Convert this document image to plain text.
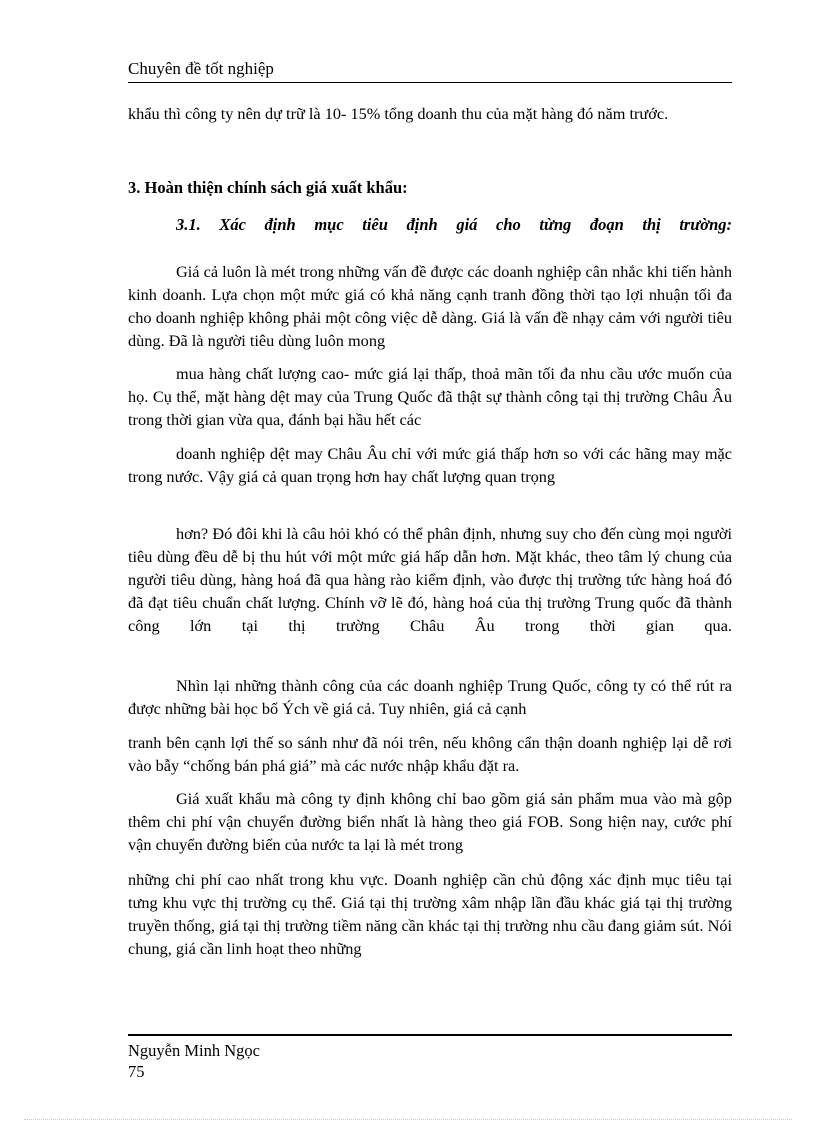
Chuyên đề tốt nghiệp

khẩu thì công ty nên dự trữ là 10- 15% tổng doanh thu của mặt hàng đó năm trước.

3. Hoàn thiện chính sách giá xuất khẩu:
3.1. Xác định mục tiêu định giá cho từng đoạn thị trường:

Giá cả luôn là mét trong những vấn đề được các doanh nghiệp cân nhắc khi tiến hành kinh doanh. Lựa chọn một mức giá có khả năng cạnh tranh đồng thời tạo lợi nhuận tối đa cho doanh nghiệp không phải một công việc dễ dàng. Giá là vấn đề nhạy cảm với người tiêu dùng. Đã là người tiêu dùng luôn mong

mua hàng chất lượng cao- mức giá lại thấp, thoả mãn tối đa nhu cầu ước muốn của họ. Cụ thể, mặt hàng dệt may của Trung Quốc đã thật sự thành công tại thị trường Châu Âu trong thời gian vừa qua, đánh bại hầu hết các

doanh nghiệp dệt may Châu Âu chỉ với mức giá thấp hơn so với các hãng may mặc trong nước. Vậy giá cả quan trọng hơn hay chất lượng quan trọng

hơn? Đó đôi khi là câu hỏi khó có thể phân định, nhưng suy cho đến cùng mọi người tiêu dùng đều dễ bị thu hút với một mức giá hấp dẫn hơn. Mặt khác, theo tâm lý chung của người tiêu dùng, hàng hoá đã qua hàng rào kiểm định, vào được thị trường tức hàng hoá đó đã đạt tiêu chuẩn chất lượng. Chính vỡ lẽ đó, hàng hoá của thị trường Trung quốc đã thành công lớn tại thị trường Châu Âu trong thời gian qua.

Nhìn lại những thành công của các doanh nghiệp Trung Quốc, công ty có thể rút ra được những bài học bổ Ých về giá cả. Tuy nhiên, giá cả cạnh

tranh bên cạnh lợi thế so sánh như đã nói trên, nếu không cẩn thận doanh nghiệp lại dễ rơi vào bẫy “chống bán phá giá” mà các nước nhập khẩu đặt ra.

Giá xuất khẩu mà công ty định không chỉ bao gồm giá sản phẩm mua vào mà gộp thêm chi phí vận chuyển đường biển nhất là hàng theo giá FOB. Song hiện nay, cước phí vận chuyển đường biển của nước ta lại là mét trong

những chi phí cao nhất trong khu vực. Doanh nghiệp cần chủ động xác định mục tiêu tại tưng khu vực thị trường cụ thể. Giá tại thị trường xâm nhập lần đầu khác giá tại thị trường truyền thống, giá tại thị trường tiềm năng cần khác tại thị trường nhu cầu đang giảm sút. Nói chung, giá cần linh hoạt theo những

Nguyễn Minh Ngọc
75
